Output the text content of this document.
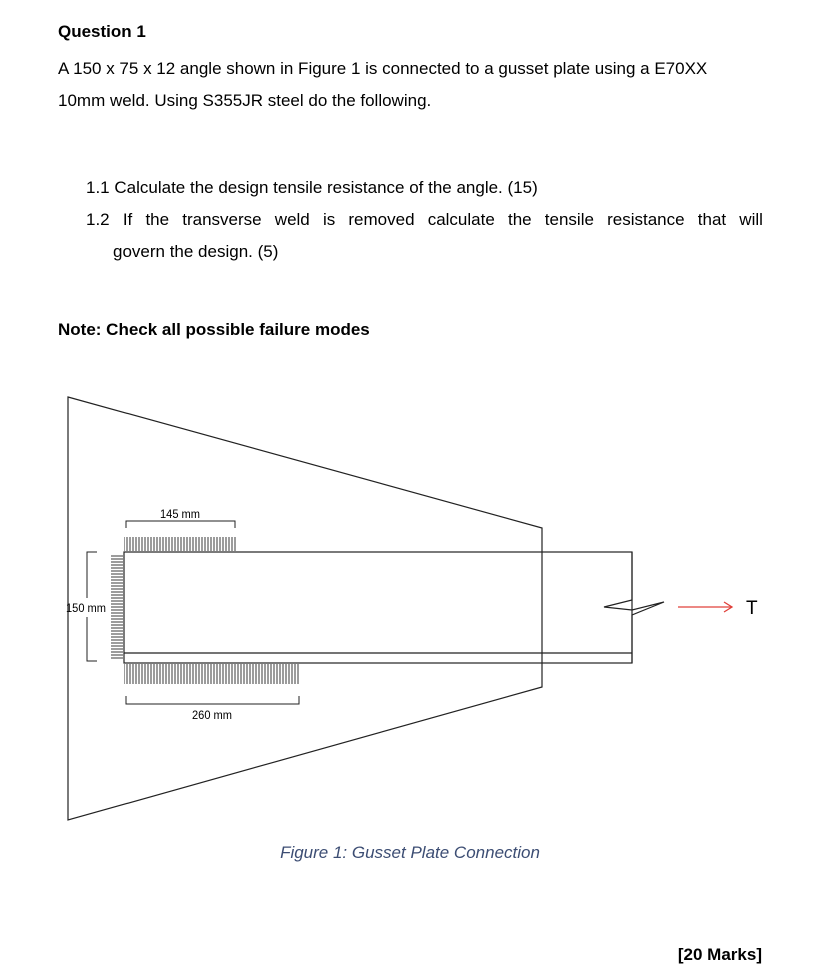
Question 1
A 150 x 75 x 12 angle shown in Figure 1 is connected to a gusset plate using a E70XX
10mm weld. Using S355JR steel do the following.
1.1 Calculate the design tensile resistance of the angle. (15)
1.2 If the transverse weld is removed calculate the tensile resistance that will
govern the design. (5)
Note: Check all possible failure modes
145 mm
150 mm
260 mm
T
Figure 1: Gusset Plate Connection
[20 Marks]
